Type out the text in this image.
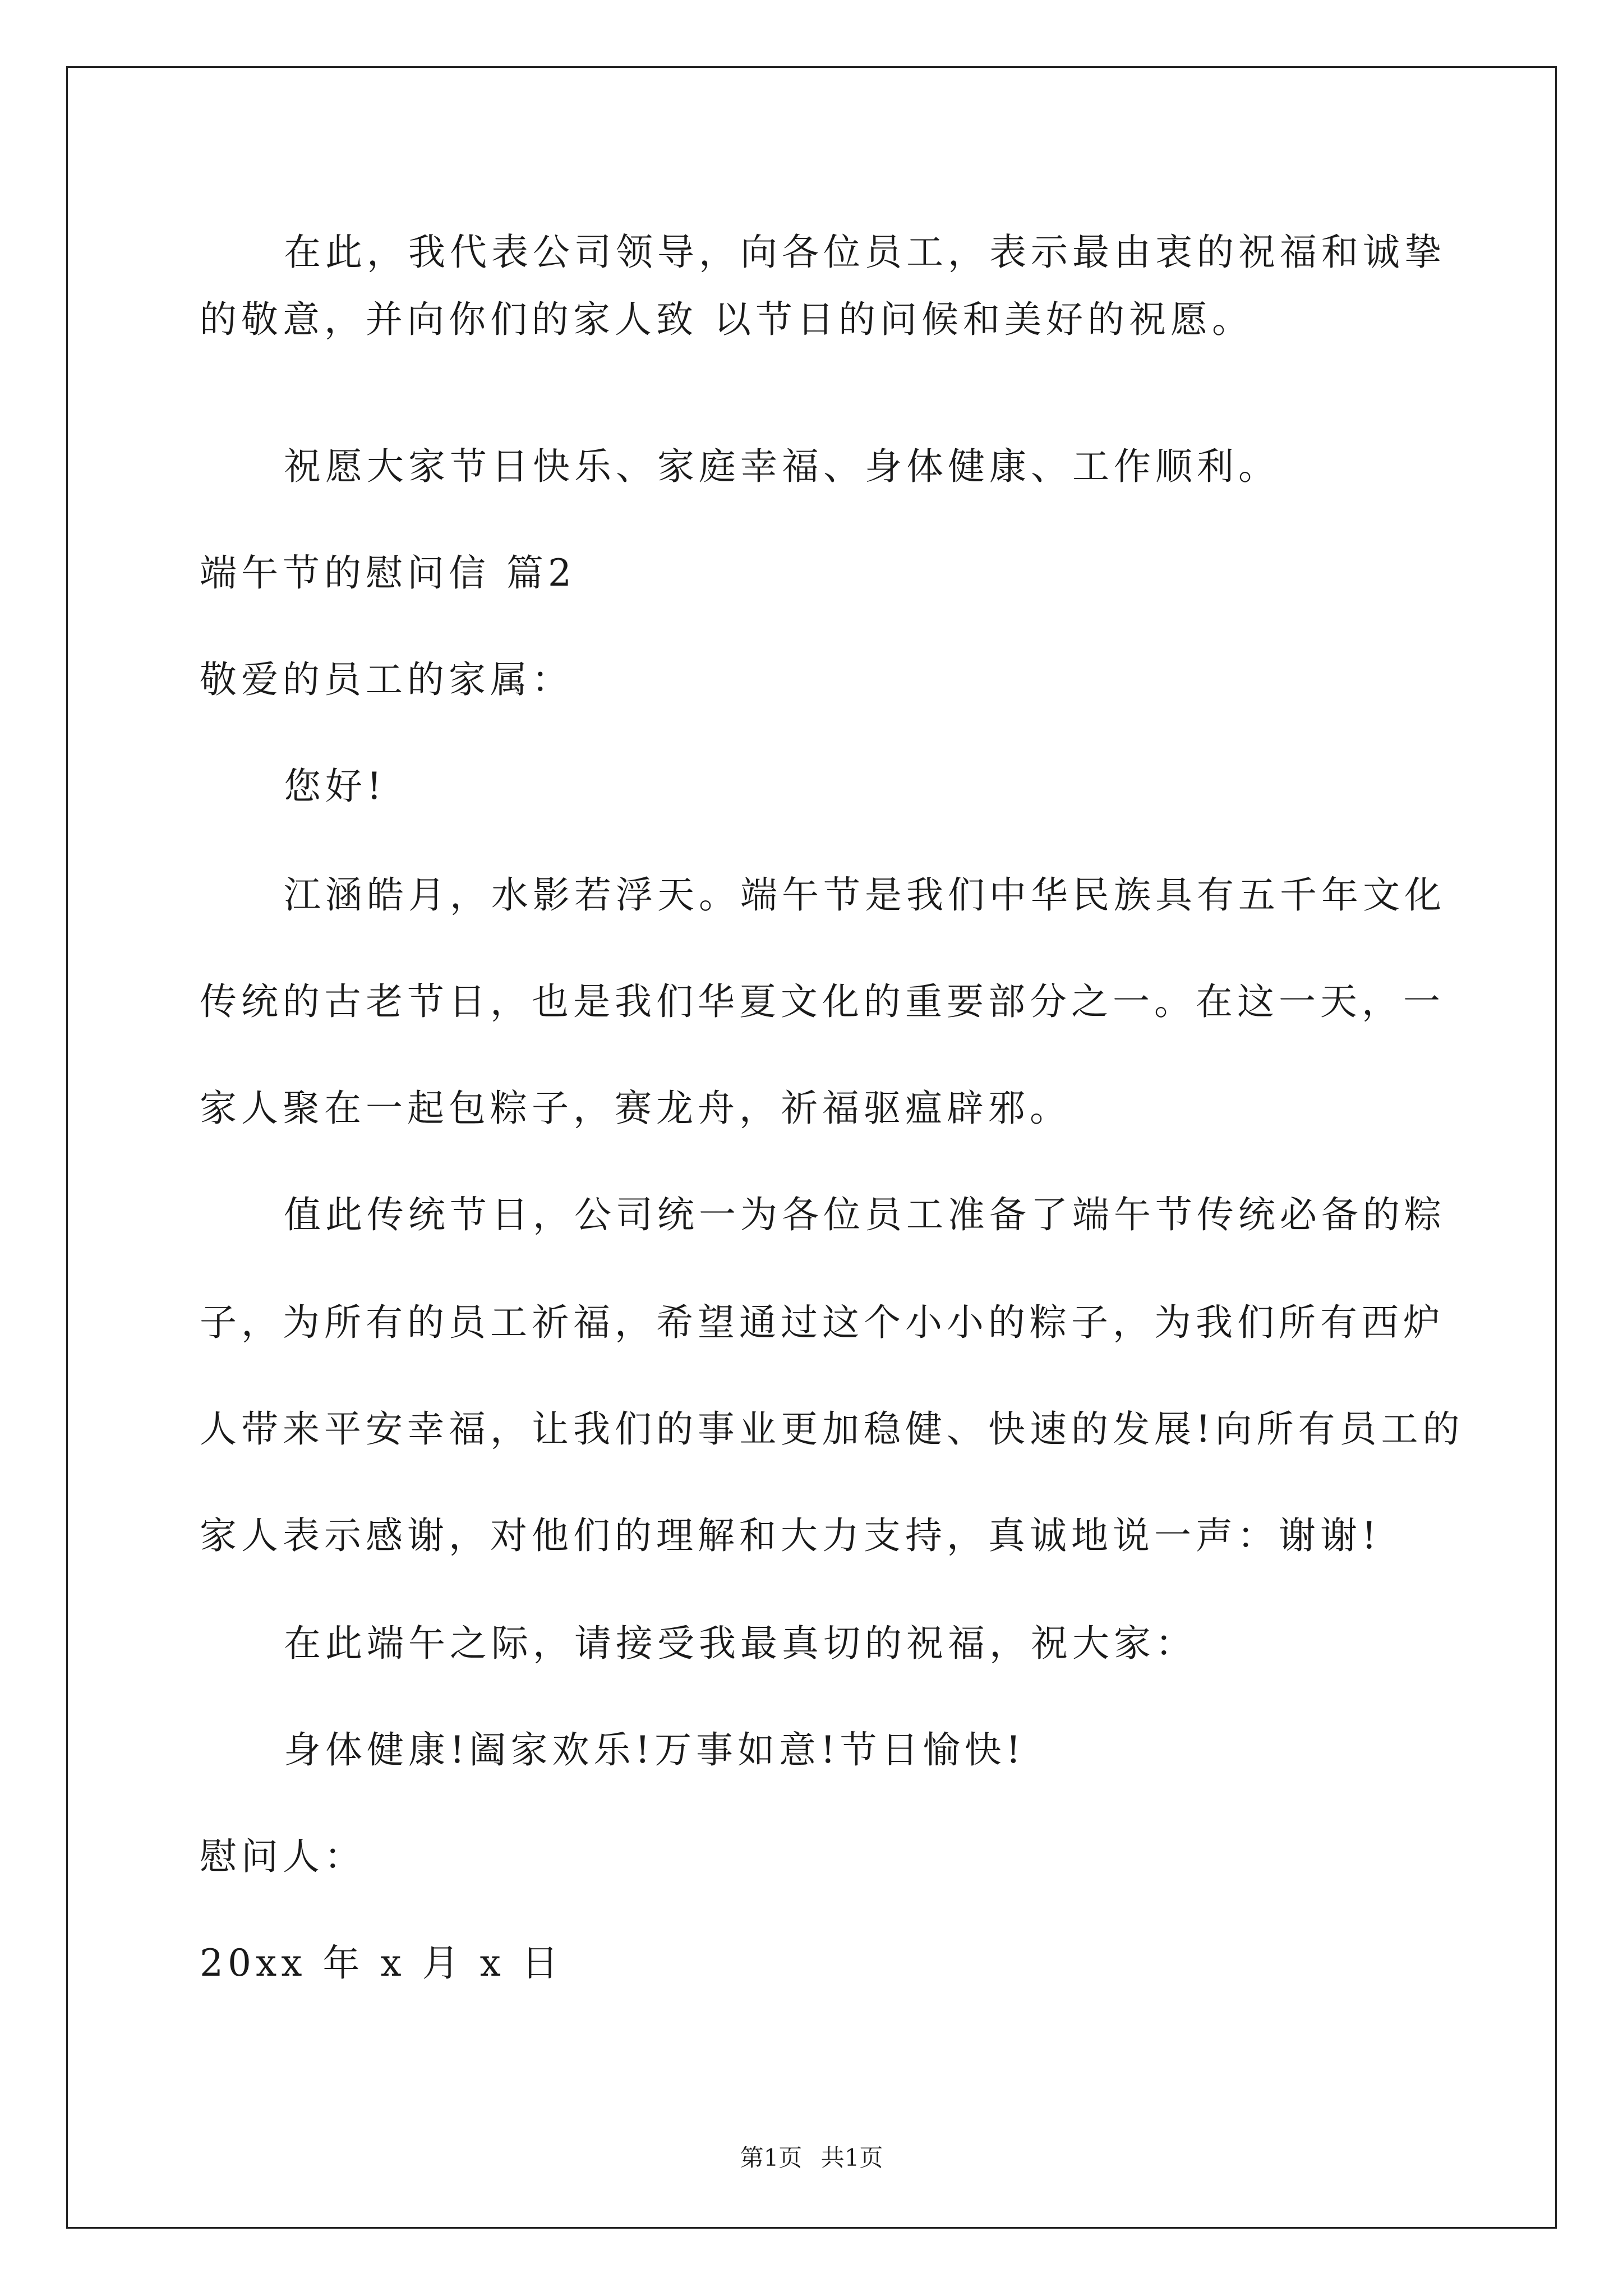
在此，我代表公司领导，向各位员工，表示最由衷的祝福和诚挚
的敬意，并向你们的家人致 以节日的问候和美好的祝愿。
祝愿大家节日快乐、家庭幸福、身体健康、工作顺利。
端午节的慰问信 篇2
敬爱的员工的家属：
您好!
江涵皓月，水影若浮天。端午节是我们中华民族具有五千年文化
传统的古老节日，也是我们华夏文化的重要部分之一。在这一天，一
家人聚在一起包粽子，赛龙舟，祈福驱瘟辟邪。
值此传统节日，公司统一为各位员工准备了端午节传统必备的粽
子，为所有的员工祈福，希望通过这个小小的粽子，为我们所有西炉
人带来平安幸福，让我们的事业更加稳健、快速的发展!向所有员工的
家人表示感谢，对他们的理解和大力支持，真诚地说一声：谢谢!
在此端午之际，请接受我最真切的祝福，祝大家：
身体健康!阖家欢乐!万事如意!节日愉快!
慰问人：
20xx 年 x 月 x 日
第1页 共1页
